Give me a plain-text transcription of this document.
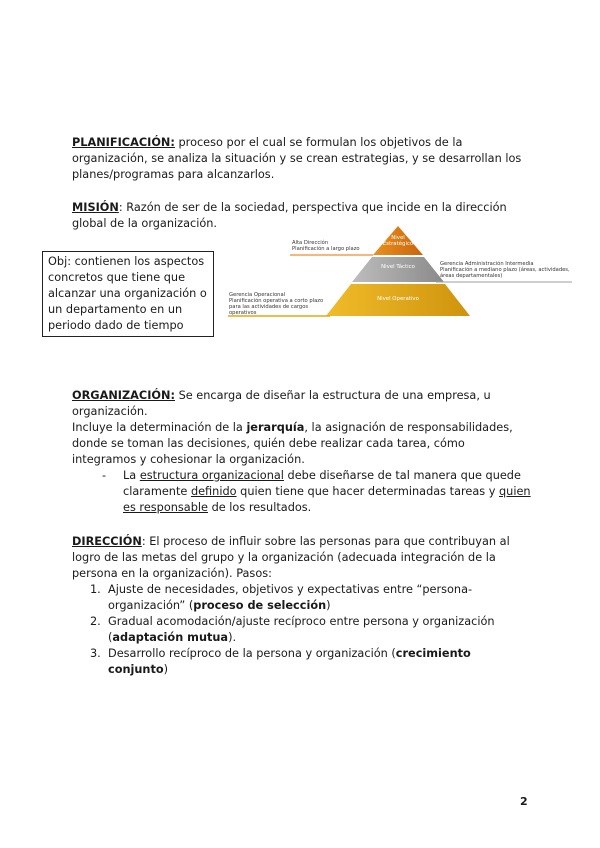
PLANIFICACIÓN: proceso por el cual se formulan los objetivos de la organización, se analiza la situación y se crean estrategias, y se desarrollan los planes/programas para alcanzarlos.

MISIÓN: Razón de ser de la sociedad, perspectiva que incide en la dirección global de la organización.

Obj: contienen los aspectos concretos que tiene que alcanzar una organización o un departamento en un periodo dado de tiempo
Nivel Estratégico
Nivel Táctico
Nivel Operativo
Alta Dirección
Planificación a largo plazo
Gerencia Administración Intermedia
Planificación a mediano plazo (áreas, actividades,
áreas departamentales)
Gerencia Operacional
Planificación operativa a corto plazo
para las actividades de cargos operativos

ORGANIZACIÓN: Se encarga de diseñar la estructura de una empresa, u organización.

Incluye la determinación de la jerarquía, la asignación de responsabilidades, donde se toman las decisiones, quién debe realizar cada tarea, cómo integramos y cohesionar la organización.

- La estructura organizacional debe diseñarse de tal manera que quede claramente definido quien tiene que hacer determinadas tareas y quien es responsable de los resultados.

DIRECCIÓN: El proceso de influir sobre las personas para que contribuyan al logro de las metas del grupo y la organización (adecuada integración de la persona en la organización). Pasos:

1. Ajuste de necesidades, objetivos y expectativas entre “persona-organización” (proceso de selección)
2. Gradual acomodación/ajuste recíproco entre persona y organización (adaptación mutua).
3. Desarrollo recíproco de la persona y organización (crecimiento conjunto)
2
